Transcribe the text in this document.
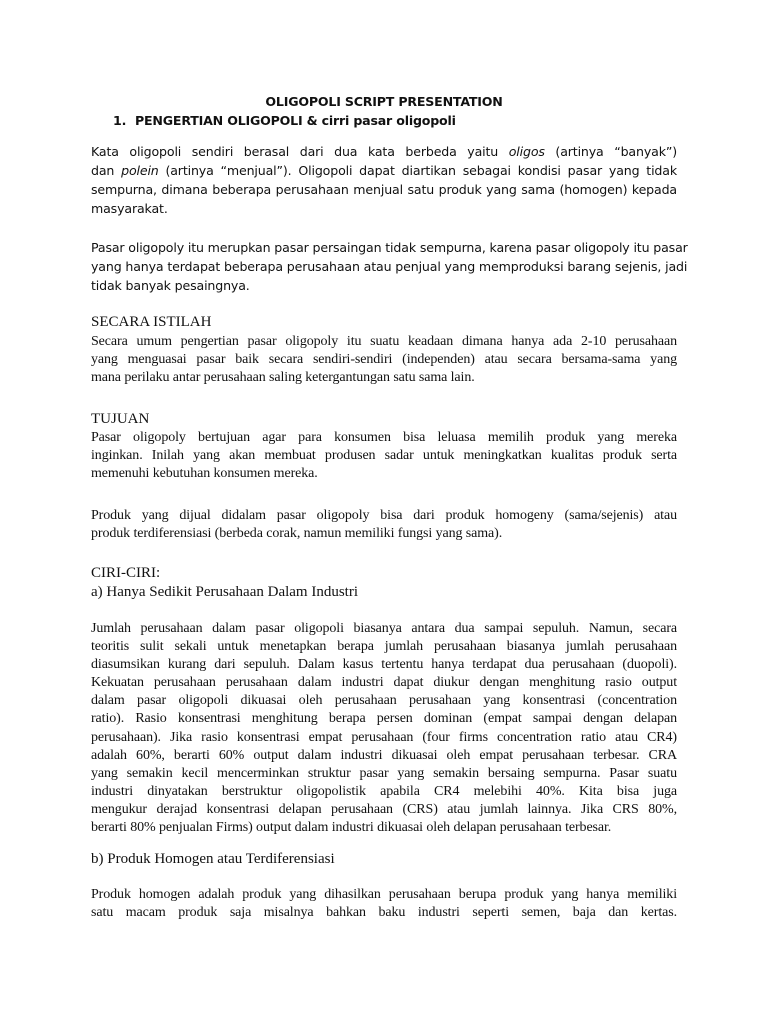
OLIGOPOLI SCRIPT PRESENTATION
1. PENGERTIAN OLIGOPOLI & cirri pasar oligopoli
Kata oligopoli sendiri berasal dari dua kata berbeda yaitu oligos (artinya “banyak”)
dan polein (artinya “menjual”). Oligopoli dapat diartikan sebagai kondisi pasar yang tidak
sempurna, dimana beberapa perusahaan menjual satu produk yang sama (homogen) kepada
masyarakat.
Pasar oligopoly itu merupkan pasar persaingan tidak sempurna, karena pasar oligopoly itu pasar
yang hanya terdapat beberapa perusahaan atau penjual yang memproduksi barang sejenis, jadi
tidak banyak pesaingnya.
SECARA ISTILAH
Secara umum pengertian pasar oligopoly itu suatu keadaan dimana hanya ada 2-10 perusahaan
yang menguasai pasar baik secara sendiri-sendiri (independen) atau secara bersama-sama yang
mana perilaku antar perusahaan saling ketergantungan satu sama lain.
TUJUAN
Pasar oligopoly bertujuan agar para konsumen bisa leluasa memilih produk yang mereka
inginkan. Inilah yang akan membuat produsen sadar untuk meningkatkan kualitas produk serta
memenuhi kebutuhan konsumen mereka.
Produk yang dijual didalam pasar oligopoly bisa dari produk homogeny (sama/sejenis) atau
produk terdiferensiasi (berbeda corak, namun memiliki fungsi yang sama).
CIRI-CIRI:
a) Hanya Sedikit Perusahaan Dalam Industri
Jumlah perusahaan dalam pasar oligopoli biasanya antara dua sampai sepuluh. Namun, secara
teoritis sulit sekali untuk menetapkan berapa jumlah perusahaan biasanya jumlah perusahaan
diasumsikan kurang dari sepuluh. Dalam kasus tertentu hanya terdapat dua perusahaan (duopoli).
Kekuatan perusahaan perusahaan dalam industri dapat diukur dengan menghitung rasio output
dalam pasar oligopoli dikuasai oleh perusahaan perusahaan yang konsentrasi (concentration
ratio). Rasio konsentrasi menghitung berapa persen dominan (empat sampai dengan delapan
perusahaan). Jika rasio konsentrasi empat perusahaan (four firms concentration ratio atau CR4)
adalah 60%, berarti 60% output dalam industri dikuasai oleh empat perusahaan terbesar. CRA
yang semakin kecil mencerminkan struktur pasar yang semakin bersaing sempurna. Pasar suatu
industri dinyatakan berstruktur oligopolistik apabila CR4 melebihi 40%. Kita bisa juga
mengukur derajad konsentrasi delapan perusahaan (CRS) atau jumlah lainnya. Jika CRS 80%,
berarti 80% penjualan Firms) output dalam industri dikuasai oleh delapan perusahaan terbesar.
b) Produk Homogen atau Terdiferensiasi
Produk homogen adalah produk yang dihasilkan perusahaan berupa produk yang hanya memiliki
satu macam produk saja misalnya bahkan baku industri seperti semen, baja dan kertas.
